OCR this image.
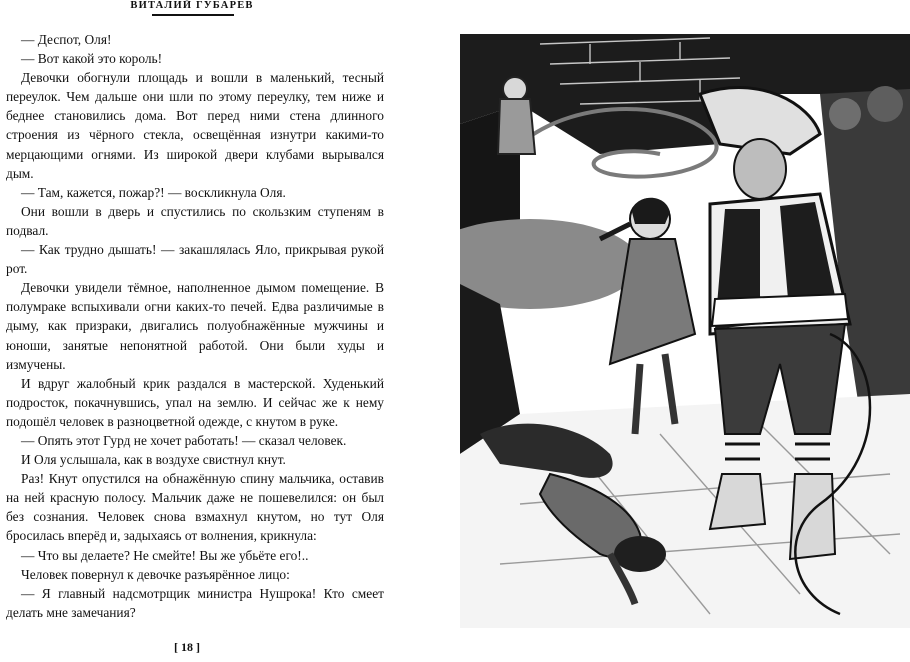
ВИТАЛИЙ ГУБАРЕВ

— Деспот, Оля!

— Вот какой это король!

Девочки обогнули площадь и вошли в маленький, тесный переулок. Чем дальше они шли по этому переулку, тем ниже и беднее становились дома. Вот перед ними стена длинного строения из чёрного стекла, освещённая изнутри какими-то мерцающими огнями. Из широкой двери клубами вырывался дым.

— Там, кажется, пожар?! — воскликнула Оля.

Они вошли в дверь и спустились по скользким ступеням в подвал.

— Как трудно дышать! — закашлялась Яло, прикрывая рукой рот.

Девочки увидели тёмное, наполненное дымом помещение. В полумраке вспыхивали огни каких-то печей. Едва различимые в дыму, как призраки, двигались полуобнажённые мужчины и юноши, занятые непонятной работой. Они были худы и измучены.

И вдруг жалобный крик раздался в мастерской. Худенький подросток, покачнувшись, упал на землю. И сейчас же к нему подошёл человек в разноцветной одежде, с кнутом в руке.

— Опять этот Гурд не хочет работать! — сказал человек.

И Оля услышала, как в воздухе свистнул кнут.

Раз! Кнут опустился на обнажённую спину мальчика, оставив на ней красную полосу. Мальчик даже не пошевелился: он был без сознания. Человек снова взмахнул кнутом, но тут Оля бросилась вперёд и, задыхаясь от волнения, крикнула:

— Что вы делаете? Не смейте! Вы же убьёте его!..

Человек повернул к девочке разъярённое лицо:

— Я главный надсмотрщик министра Нушрока! Кто смеет делать мне замечания?

[ 18 ]
